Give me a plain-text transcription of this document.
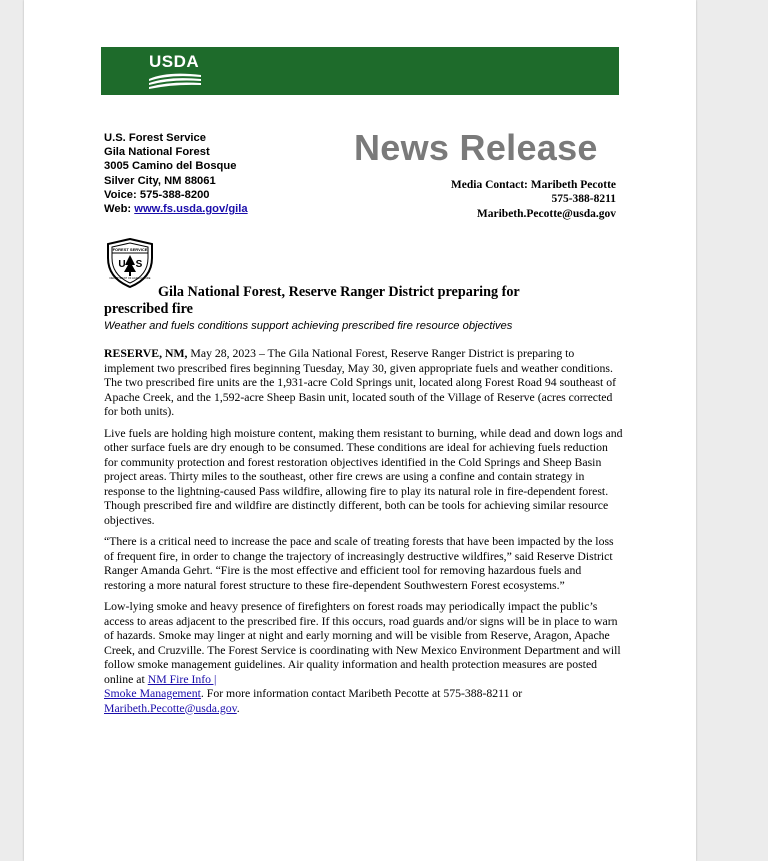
USDA
U.S. Forest Service
Gila National Forest
3005 Camino del Bosque
Silver City, NM 88061
Voice: 575-388-8200
Web: www.fs.usda.gov/gila
News Release
Media Contact: Maribeth Pecotte
575-388-8211
Maribeth.Pecotte@usda.gov
FOREST SERVICE
U S
DEPARTMENT OF AGRICULTURE
Gila National Forest, Reserve Ranger District preparing for
prescribed fire
Weather and fuels conditions support achieving prescribed fire resource objectives

RESERVE, NM, May 28, 2023 – The Gila National Forest, Reserve Ranger District is preparing to implement two prescribed fires beginning Tuesday, May 30, given appropriate fuels and weather conditions. The two prescribed fire units are the 1,931-acre Cold Springs unit, located along Forest Road 94 southeast of Apache Creek, and the 1,592-acre Sheep Basin unit, located south of the Village of Reserve (acres corrected for both units).

Live fuels are holding high moisture content, making them resistant to burning, while dead and down logs and other surface fuels are dry enough to be consumed. These conditions are ideal for achieving fuels reduction for community protection and forest restoration objectives identified in the Cold Springs and Sheep Basin project areas. Thirty miles to the southeast, other fire crews are using a confine and contain strategy in response to the lightning-caused Pass wildfire, allowing fire to play its natural role in fire-dependent forest. Though prescribed fire and wildfire are distinctly different, both can be tools for achieving similar resource objectives.

“There is a critical need to increase the pace and scale of treating forests that have been impacted by the loss of frequent fire, in order to change the trajectory of increasingly destructive wildfires,” said Reserve District Ranger Amanda Gehrt. “Fire is the most effective and efficient tool for removing hazardous fuels and restoring a more natural forest structure to these fire-dependent Southwestern Forest ecosystems.”

Low-lying smoke and heavy presence of firefighters on forest roads may periodically impact the public’s access to areas adjacent to the prescribed fire. If this occurs, road guards and/or signs will be in place to warn of hazards. Smoke may linger at night and early morning and will be visible from Reserve, Aragon, Apache Creek, and Cruzville. The Forest Service is coordinating with New Mexico Environment Department and will follow smoke management guidelines. Air quality information and health protection measures are posted online at NM Fire Info |
Smoke Management. For more information contact Maribeth Pecotte at 575-388-8211 or Maribeth.Pecotte@usda.gov.
